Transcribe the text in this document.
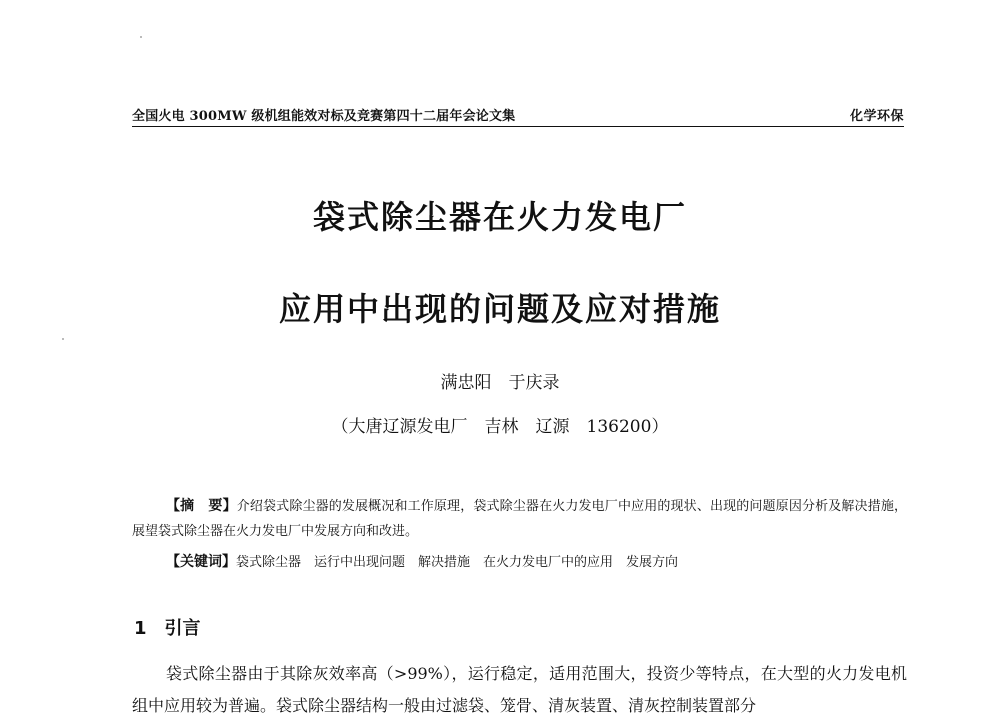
全国火电 300MW 级机组能效对标及竞赛第四十二届年会论文集	化学环保
袋式除尘器在火力发电厂
应用中出现的问题及应对措施
满忠阳　于庆录
（大唐辽源发电厂　吉林　辽源　136200）
【摘　要】介绍袋式除尘器的发展概况和工作原理，袋式除尘器在火力发电厂中应用的现状、出现的问题原因分析及解决措施，展望袋式除尘器在火力发电厂中发展方向和改进。
【关键词】袋式除尘器　运行中出现问题　解决措施　在火力发电厂中的应用　发展方向
1　引言
袋式除尘器由于其除灰效率高（>99%），运行稳定，适用范围大，投资少等特点，在大型的火力发电机组中应用较为普遍。袋式除尘器结构一般由过滤袋、笼骨、清灰装置、清灰控制装置部分
